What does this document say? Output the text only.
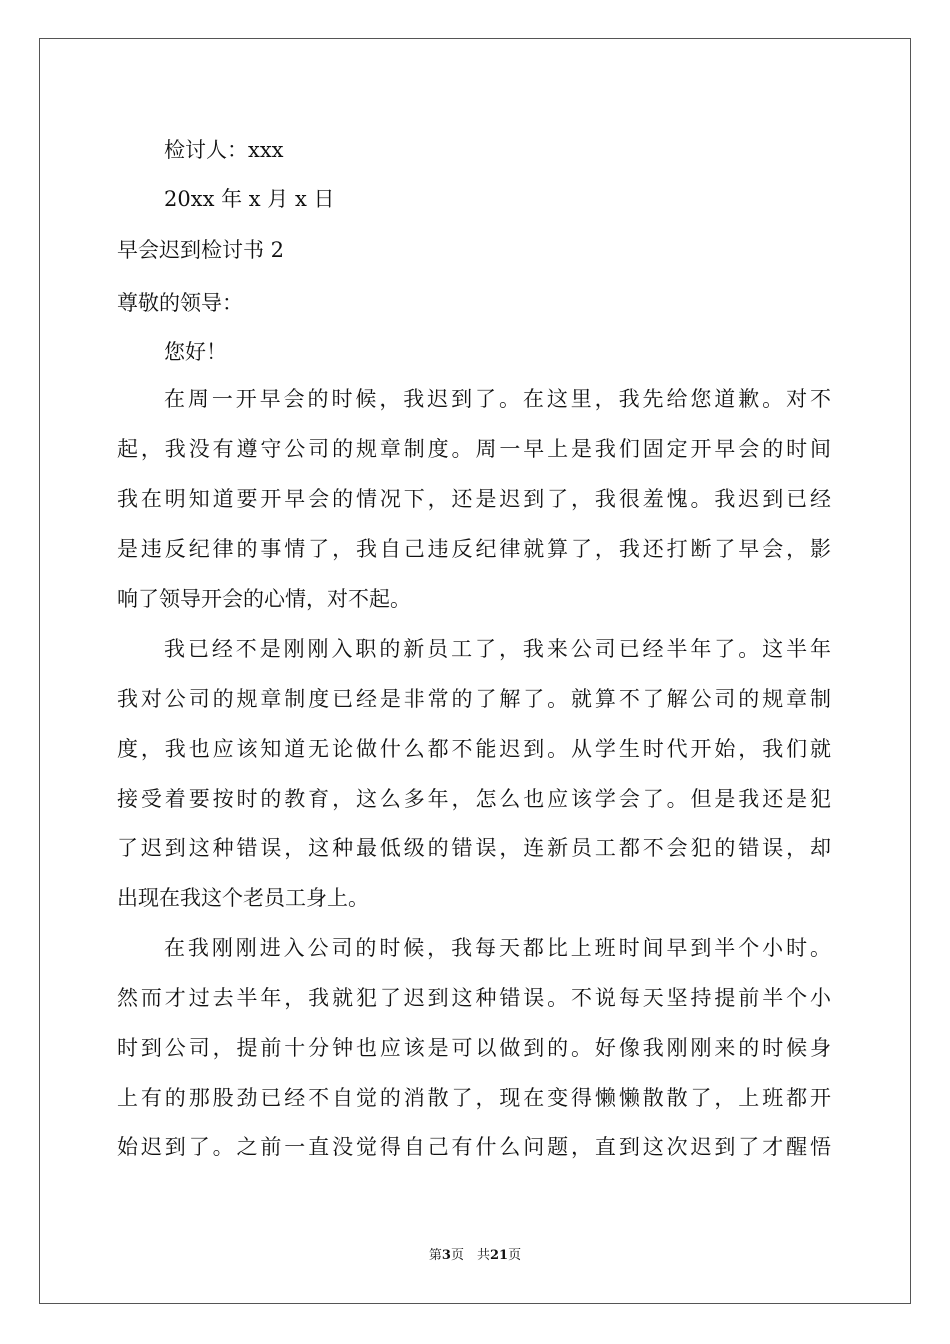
检讨人：xxx
20xx 年 x 月 x 日
早会迟到检讨书 2
尊敬的领导：
您好！
在周一开早会的时候，我迟到了。在这里，我先给您道歉。对不
起，我没有遵守公司的规章制度。周一早上是我们固定开早会的时间
我在明知道要开早会的情况下，还是迟到了，我很羞愧。我迟到已经
是违反纪律的事情了，我自己违反纪律就算了，我还打断了早会，影
响了领导开会的心情，对不起。
我已经不是刚刚入职的新员工了，我来公司已经半年了。这半年
我对公司的规章制度已经是非常的了解了。就算不了解公司的规章制
度，我也应该知道无论做什么都不能迟到。从学生时代开始，我们就
接受着要按时的教育，这么多年，怎么也应该学会了。但是我还是犯
了迟到这种错误，这种最低级的错误，连新员工都不会犯的错误，却
出现在我这个老员工身上。
在我刚刚进入公司的时候，我每天都比上班时间早到半个小时。
然而才过去半年，我就犯了迟到这种错误。不说每天坚持提前半个小
时到公司，提前十分钟也应该是可以做到的。好像我刚刚来的时候身
上有的那股劲已经不自觉的消散了，现在变得懒懒散散了，上班都开
始迟到了。之前一直没觉得自己有什么问题，直到这次迟到了才醒悟
第3页　共21页
